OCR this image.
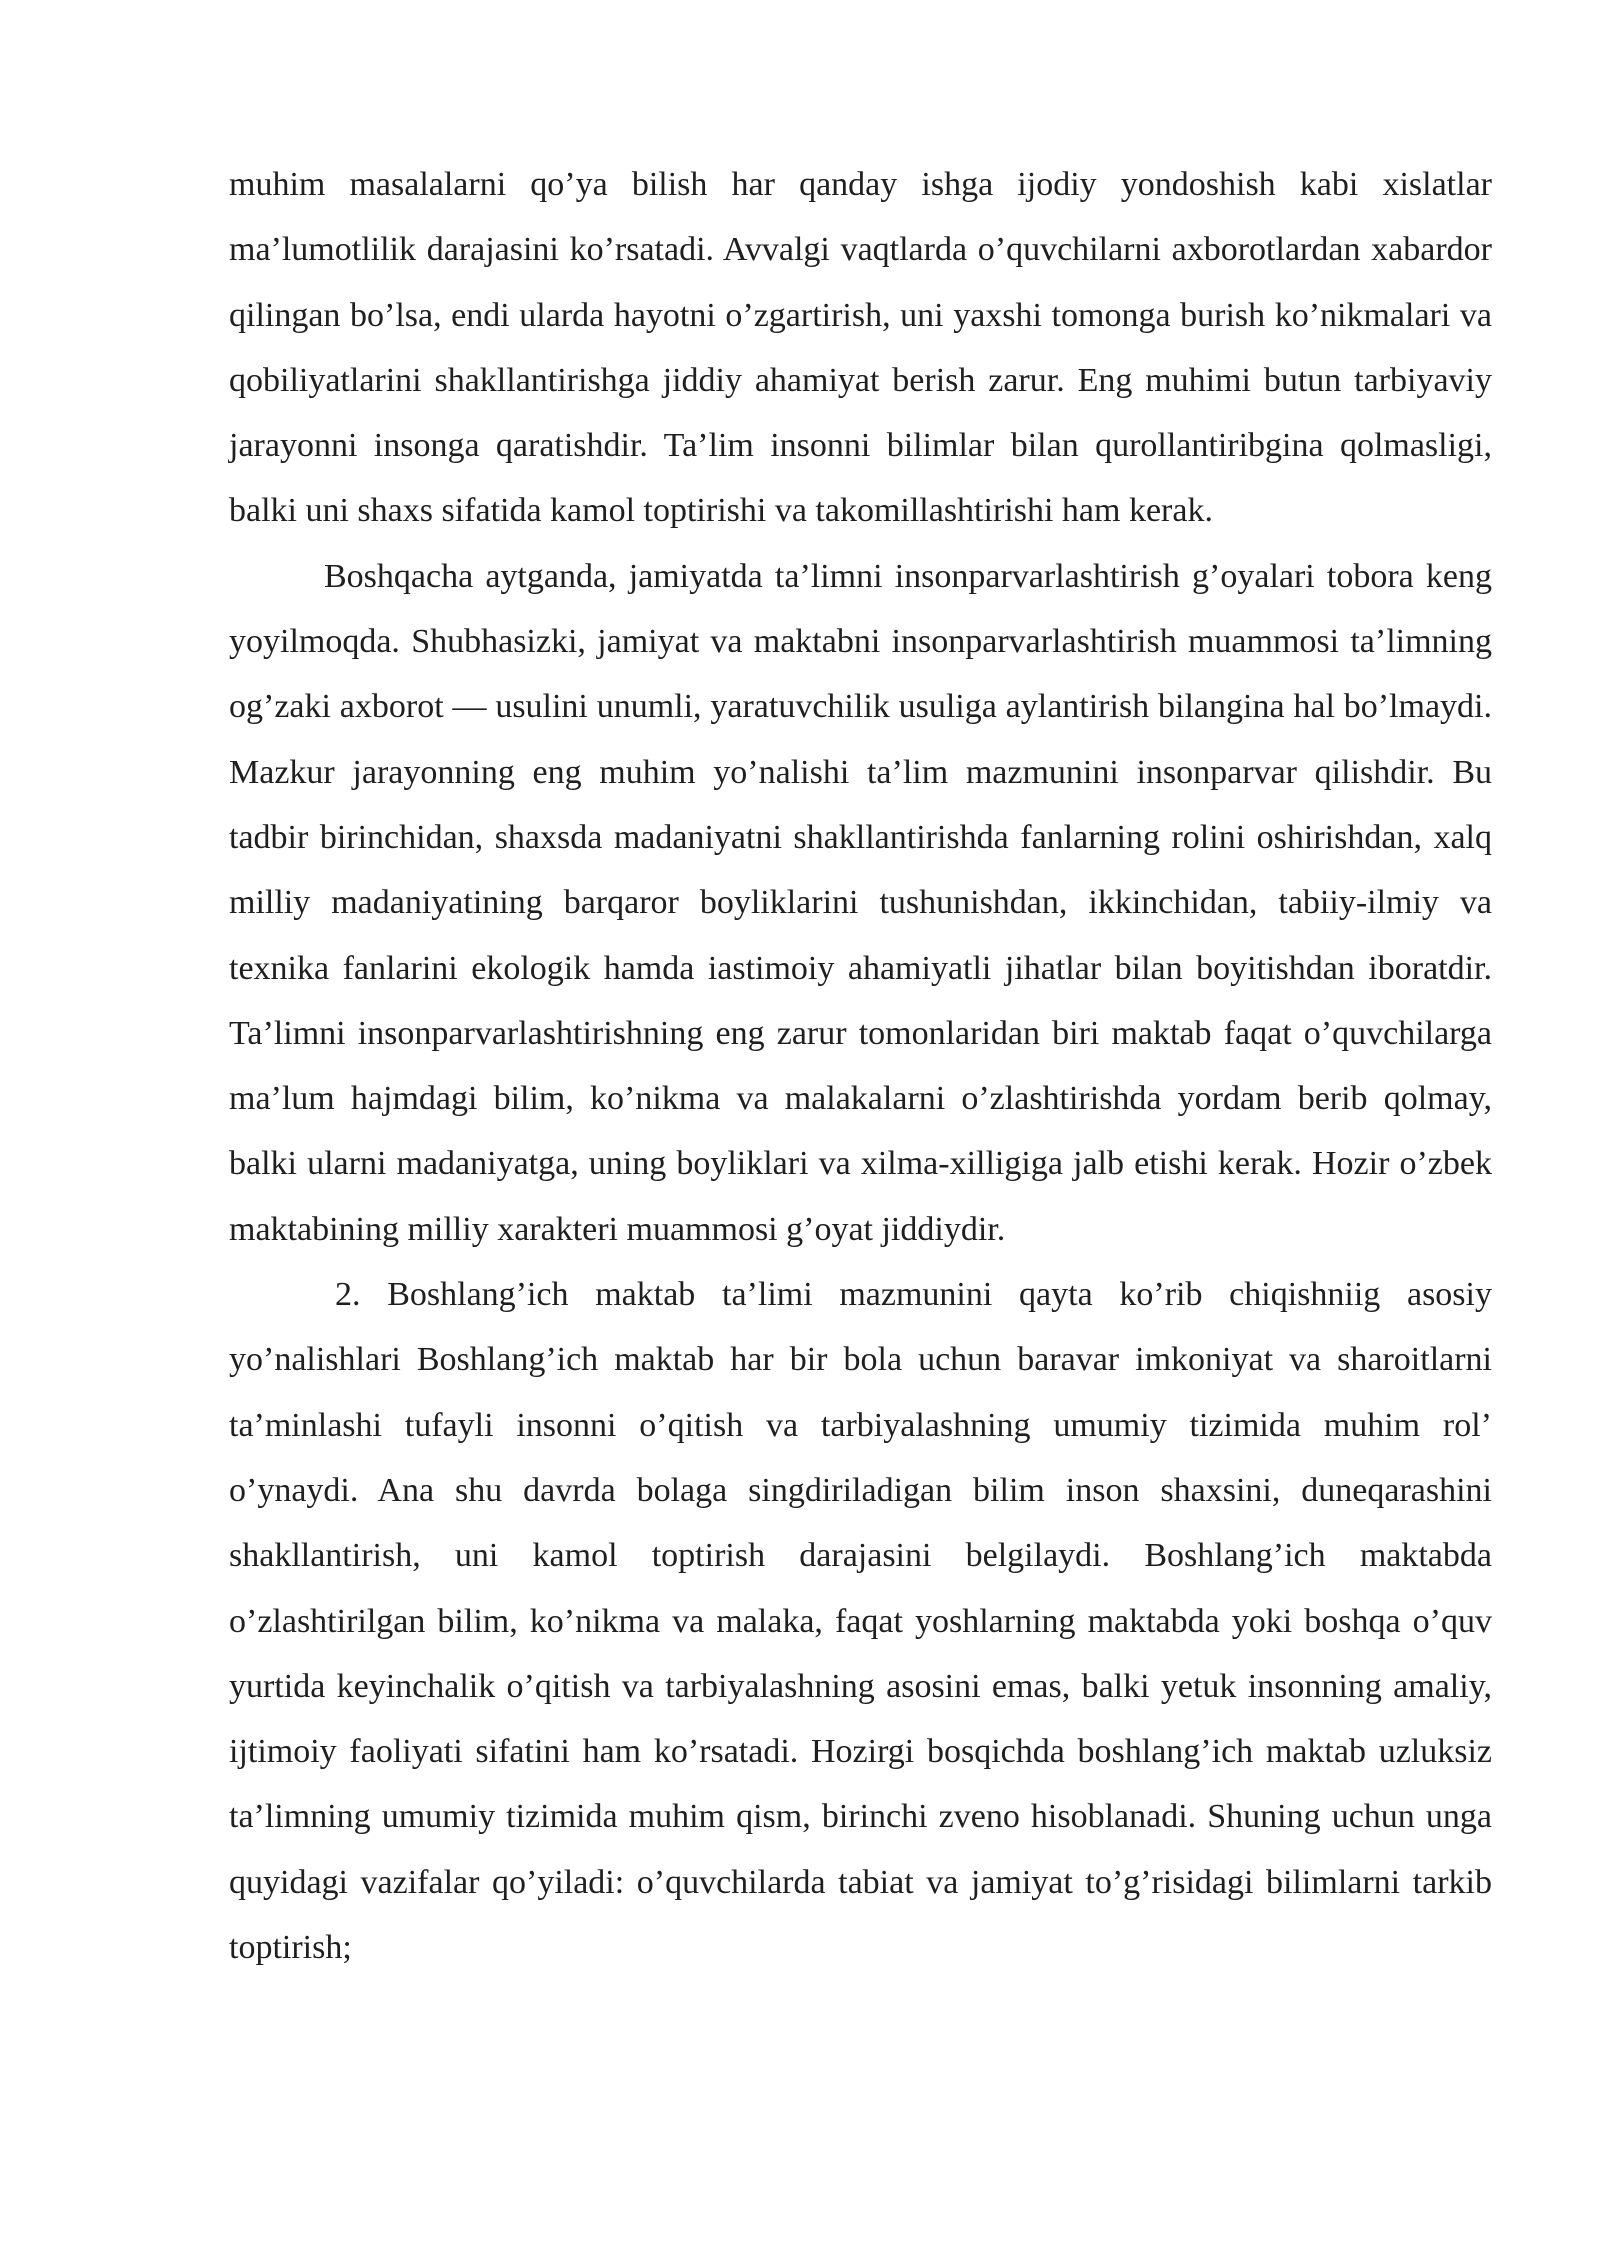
muhim masalalarni qo’ya bilish har qanday ishga ijodiy yondoshish kabi xislatlar ma’lumotlilik darajasini ko’rsatadi. Avvalgi vaqtlarda o’quvchilarni axborotlardan xabardor qilingan bo’lsa, endi ularda hayotni o’zgartirish, uni yaxshi tomonga burish ko’nikmalari va qobiliyatlarini shakllantirishga jiddiy ahamiyat berish zarur. Eng muhimi butun tarbiyaviy jarayonni insonga qaratishdir. Ta’lim insonni bilimlar bilan qurollantiribgina qolmasligi, balki uni shaxs sifatida kamol toptirishi va takomillashtirishi ham kerak.

Boshqacha aytganda, jamiyatda ta’limni insonparvarlashtirish g’oyalari tobora keng yoyilmoqda. Shubhasizki, jamiyat va maktabni insonparvarlashtirish muammosi ta’limning og’zaki axborot — usulini unumli, yaratuvchilik usuliga aylantirish bilangina hal bo’lmaydi. Mazkur jarayonning eng muhim yo’nalishi ta’lim mazmunini insonparvar qilishdir. Bu tadbir birinchidan, shaxsda madaniyatni shakllantirishda fanlarning rolini oshirishdan, xalq milliy madaniyatining barqaror boyliklarini tushunishdan, ikkinchidan, tabiiy-ilmiy va texnika fanlarini ekologik hamda iastimoiy ahamiyatli jihatlar bilan boyitishdan iboratdir. Ta’limni insonparvarlashtirishning eng zarur tomonlaridan biri maktab faqat o’quvchilarga ma’lum hajmdagi bilim, ko’nikma va malakalarni o’zlashtirishda yordam berib qolmay, balki ularni madaniyatga, uning boyliklari va xilma-xilligiga jalb etishi kerak. Hozir o’zbek maktabining milliy xarakteri muammosi g’oyat jiddiydir.

2. Boshlang’ich maktab ta’limi mazmunini qayta ko’rib chiqishniig asosiy yo’nalishlari Boshlang’ich maktab har bir bola uchun baravar imkoniyat va sharoitlarni ta’minlashi tufayli insonni o’qitish va tarbiyalashning umumiy tizimida muhim rol’ o’ynaydi. Ana shu davrda bolaga singdiriladigan bilim inson shaxsini, duneqarashini shakllantirish, uni kamol toptirish darajasini belgilaydi. Boshlang’ich maktabda o’zlashtirilgan bilim, ko’nikma va malaka, faqat yoshlarning maktabda yoki boshqa o’quv yurtida keyinchalik o’qitish va tarbiyalashning asosini emas, balki yetuk insonning amaliy, ijtimoiy faoliyati sifatini ham ko’rsatadi. Hozirgi bosqichda boshlang’ich maktab uzluksiz ta’limning umumiy tizimida muhim qism, birinchi zveno hisoblanadi. Shuning uchun unga quyidagi vazifalar qo’yiladi: o’quvchilarda tabiat va jamiyat to’g’risidagi bilimlarni tarkib toptirish;
